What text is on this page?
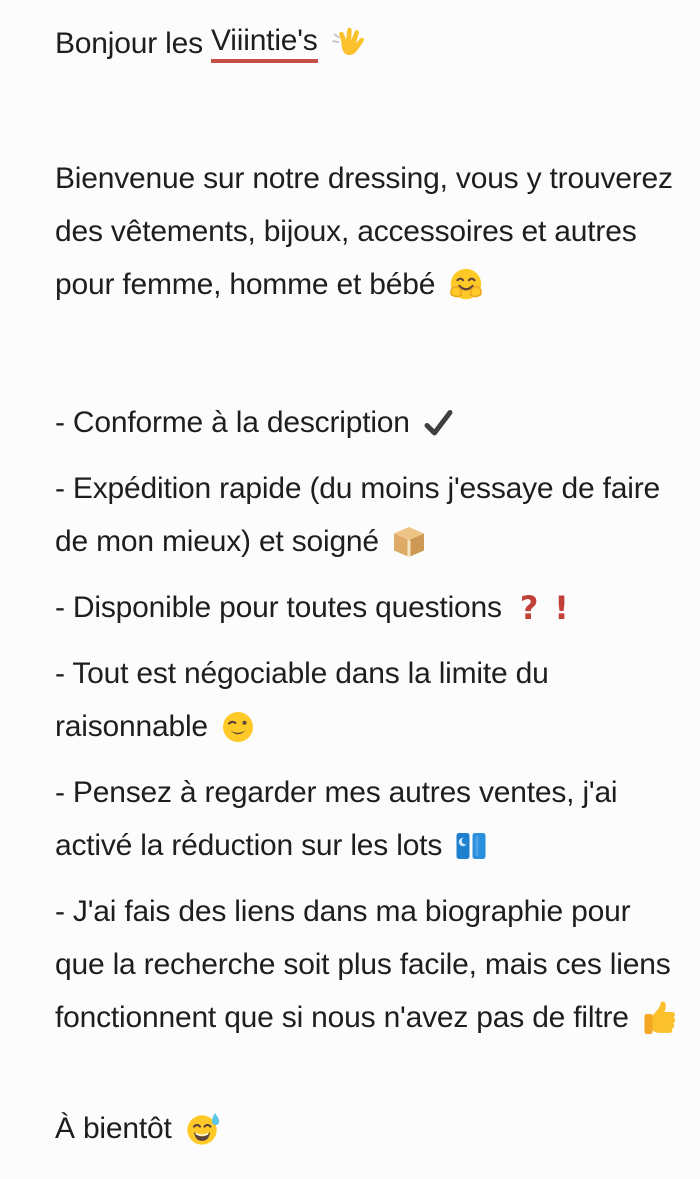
Bonjour les Viiintie's
Bienvenue sur notre dressing, vous y trouverez
des vêtements, bijoux, accessoires et autres
pour femme, homme et bébé
- Conforme à la description
- Expédition rapide (du moins j'essaye de faire
de mon mieux) et soigné
- Disponible pour toutes questions ? !
- Tout est négociable dans la limite du
raisonnable
- Pensez à regarder mes autres ventes, j'ai
activé la réduction sur les lots
- J'ai fais des liens dans ma biographie pour
que la recherche soit plus facile, mais ces liens
fonctionnent que si nous n'avez pas de filtre
À bientôt
